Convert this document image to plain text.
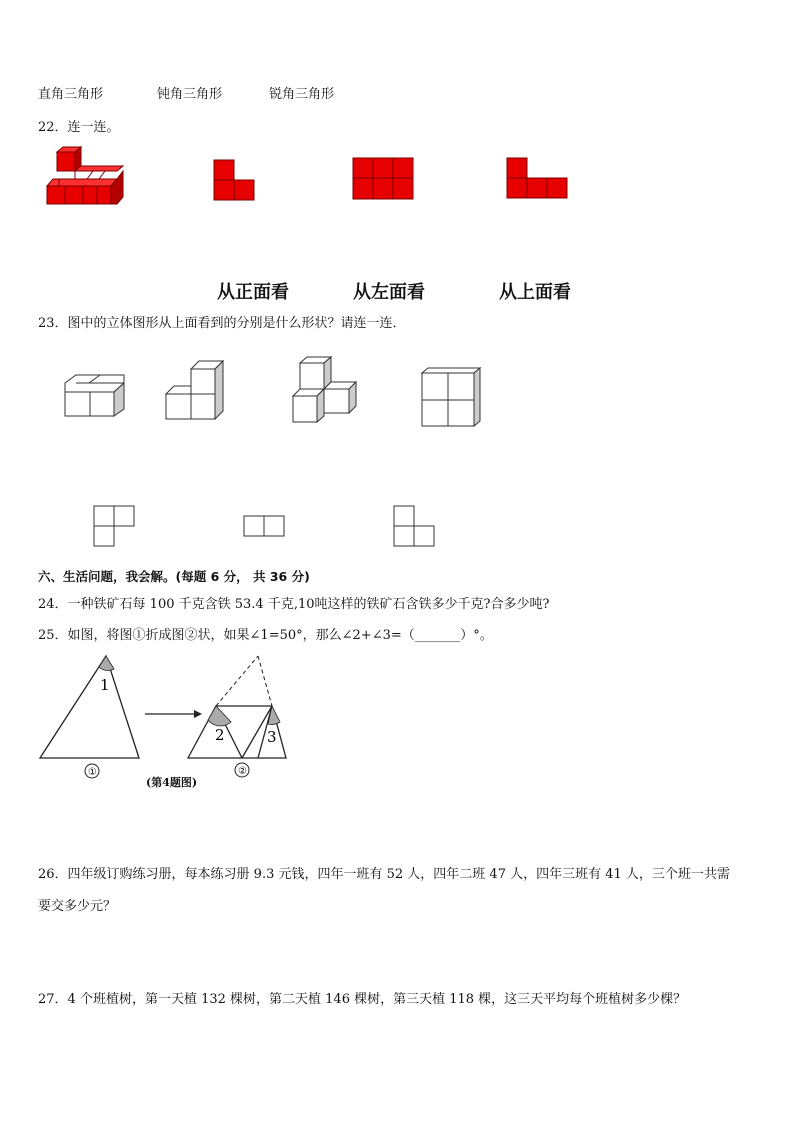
直角三角形	钝角三角形	锐角三角形
22．连一连。
从正面看	从左面看	从上面看
23．图中的立体图形从上面看到的分别是什么形状？请连一连．
六、生活问题，我会解。(每题 6 分， 共 36 分)
24．一种铁矿石每 100 千克含铁 53.4 千克,10吨这样的铁矿石含铁多少千克?合多少吨?
25．如图，将图①折成图②状，如果∠1=50°，那么∠2+∠3=（_______）°。
1
①
2	3
②
(第4题图)
26．四年级订购练习册，每本练习册 9.3 元钱，四年一班有 52 人，四年二班 47 人，四年三班有 41 人，三个班一共需
要交多少元？
27．4 个班植树，第一天植 132 棵树，第二天植 146 棵树，第三天植 118 棵，这三天平均每个班植树多少棵？
